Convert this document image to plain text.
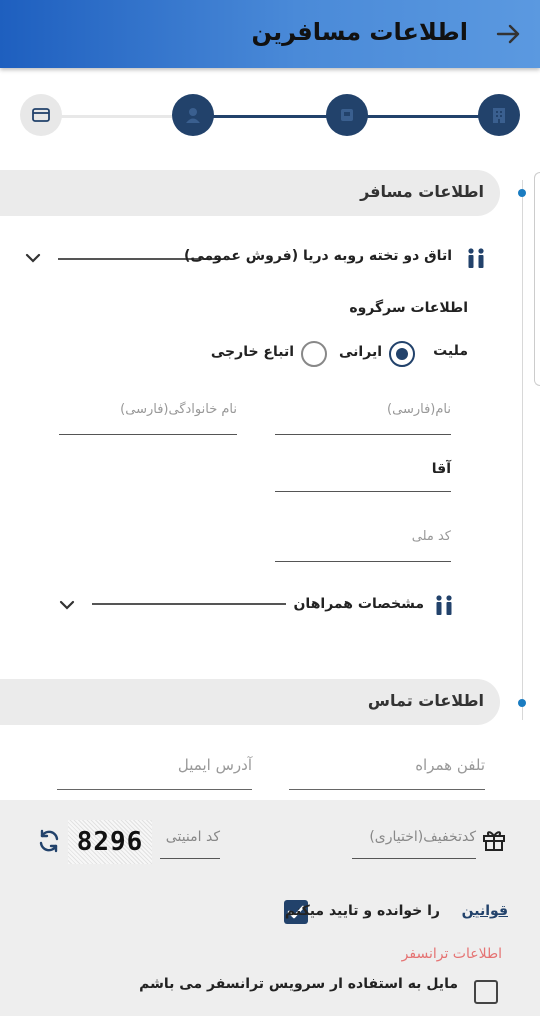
اطلاعات مسافرین
اطلاعات مسافر
اتاق دو تخته روبه دریا (فروش عمومی)
اطلاعات سرگروه
ملیت
ایرانی
اتباع خارجی
نام(فارسی)
نام خانوادگی(فارسی)
آقا
کد ملی
مشخصات همراهان
اطلاعات تماس
تلفن همراه
آدرس ایمیل
کدتخفیف(اختیاری)
کد امنیتی
8296
را خوانده و تایید میکنم قوانین
اطلاعات ترانسفر
مایل به استفاده ار سرویس ترانسفر می باشم
